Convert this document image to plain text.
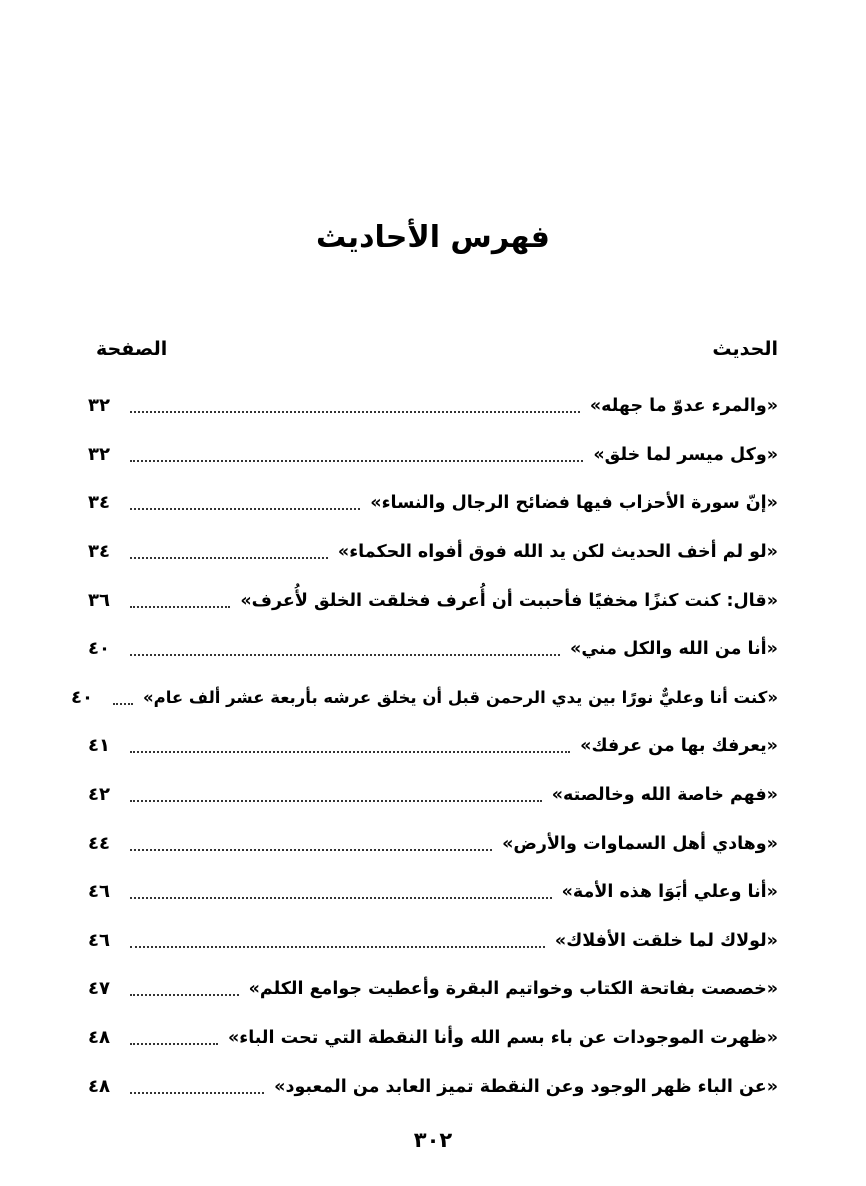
فهرس الأحاديث
الحديث
الصفحة
«والمرء عدوّ ما جهله»
٣٢
«وكل ميسر لما خلق»
٣٢
«إنّ سورة الأحزاب فيها فضائح الرجال والنساء»
٣٤
«لو لم أخف الحديث لكن يد الله فوق أفواه الحكماء»
٣٤
«قال: كنت كنزًا مخفيًا فأحببت أن أُعرف فخلقت الخلق لأُعرف»
٣٦
«أنا من الله والكل مني»
٤٠
«كنت أنا وعليٌّ نورًا بين يدي الرحمن قبل أن يخلق عرشه بأربعة عشر ألف عام»
٤٠
«يعرفك بها من عرفك»
٤١
«فهم خاصة الله وخالصته»
٤٢
«وهادي أهل السماوات والأرض»
٤٤
«أنا وعلي أبَوَا هذه الأمة»
٤٦
«لولاك لما خلقت الأفلاك»
٤٦
«خصصت بفاتحة الكتاب وخواتيم البقرة وأعطيت جوامع الكلم»
٤٧
«ظهرت الموجودات عن باء بسم الله وأنا النقطة التي تحت الباء»
٤٨
«عن الباء ظهر الوجود وعن النقطة تميز العابد من المعبود»
٤٨
٣٠٢
